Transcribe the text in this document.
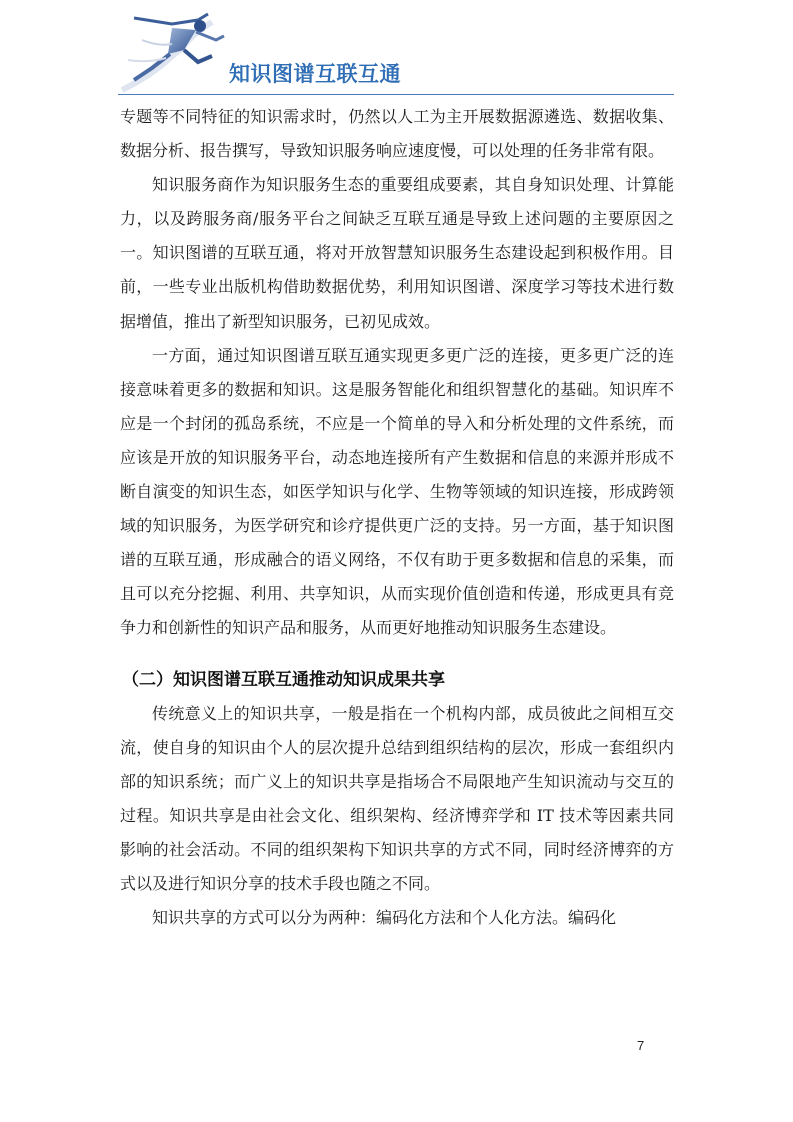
知识图谱互联互通

专题等不同特征的知识需求时，仍然以人工为主开展数据源遴选、数据收集、数据分析、报告撰写，导致知识服务响应速度慢，可以处理的任务非常有限。

知识服务商作为知识服务生态的重要组成要素，其自身知识处理、计算能力，以及跨服务商/服务平台之间缺乏互联互通是导致上述问题的主要原因之一。知识图谱的互联互通，将对开放智慧知识服务生态建设起到积极作用。目前，一些专业出版机构借助数据优势，利用知识图谱、深度学习等技术进行数据增值，推出了新型知识服务，已初见成效。

一方面，通过知识图谱互联互通实现更多更广泛的连接，更多更广泛的连接意味着更多的数据和知识。这是服务智能化和组织智慧化的基础。知识库不应是一个封闭的孤岛系统，不应是一个简单的导入和分析处理的文件系统，而应该是开放的知识服务平台，动态地连接所有产生数据和信息的来源并形成不断自演变的知识生态，如医学知识与化学、生物等领域的知识连接，形成跨领域的知识服务，为医学研究和诊疗提供更广泛的支持。另一方面，基于知识图谱的互联互通，形成融合的语义网络，不仅有助于更多数据和信息的采集，而且可以充分挖掘、利用、共享知识，从而实现价值创造和传递，形成更具有竞争力和创新性的知识产品和服务，从而更好地推动知识服务生态建设。

（二）知识图谱互联互通推动知识成果共享

传统意义上的知识共享，一般是指在一个机构内部，成员彼此之间相互交流，使自身的知识由个人的层次提升总结到组织结构的层次，形成一套组织内部的知识系统；而广义上的知识共享是指场合不局限地产生知识流动与交互的过程。知识共享是由社会文化、组织架构、经济博弈学和 IT 技术等因素共同影响的社会活动。不同的组织架构下知识共享的方式不同，同时经济博弈的方式以及进行知识分享的技术手段也随之不同。

知识共享的方式可以分为两种：编码化方法和个人化方法。编码化

7
